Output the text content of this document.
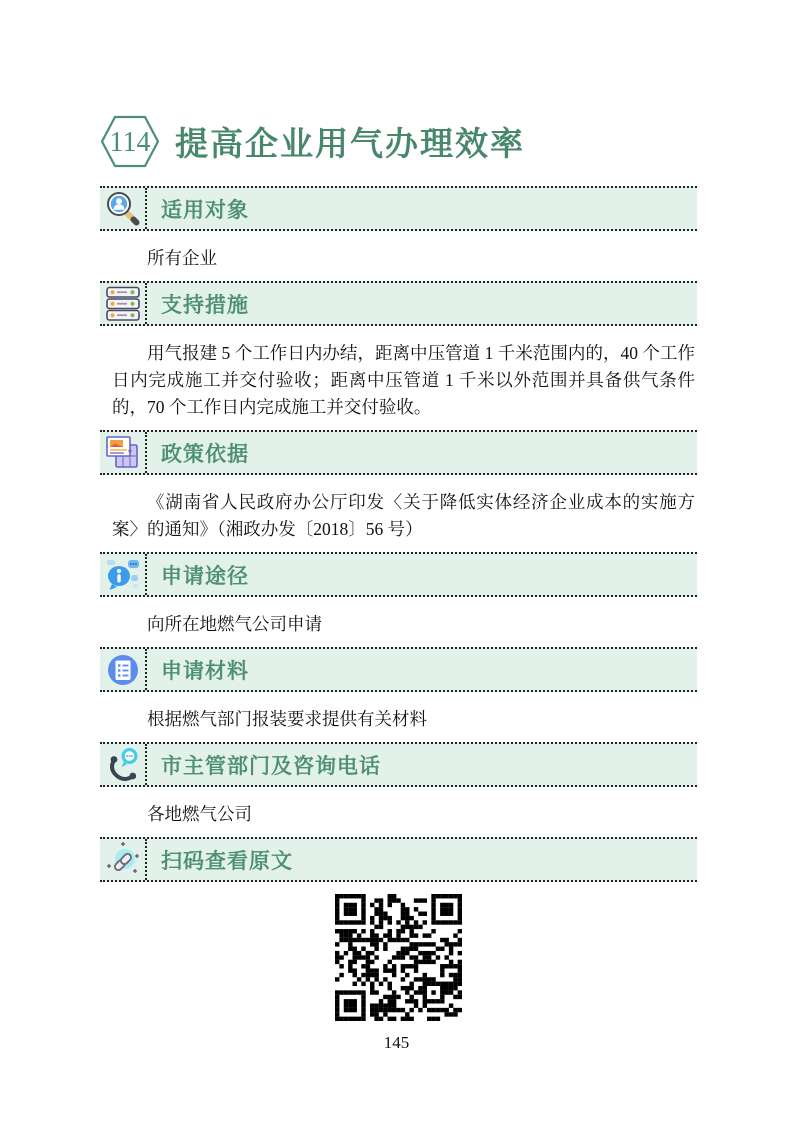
114 提高企业用气办理效率
适用对象

所有企业

支持措施

用气报建 5 个工作日内办结，距离中压管道 1 千米范围内的，40 个工作日内完成施工并交付验收；距离中压管道 1 千米以外范围并具备供气条件的，70 个工作日内完成施工并交付验收。

政策依据

《湖南省人民政府办公厅印发〈关于降低实体经济企业成本的实施方案〉的通知》（湘政办发〔2018〕56 号）

申请途径

向所在地燃气公司申请

申请材料

根据燃气部门报装要求提供有关材料

市主管部门及咨询电话

各地燃气公司

扫码查看原文
145
